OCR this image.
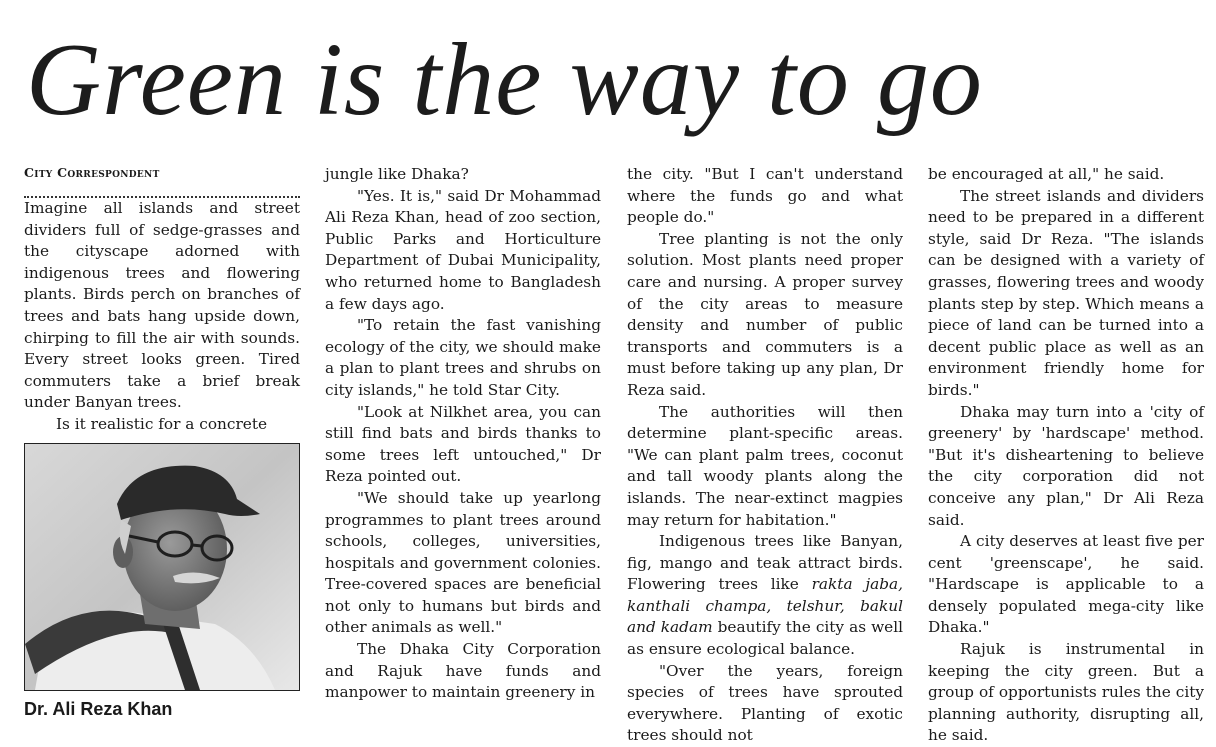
Green is the way to go
City Correspondent

Imagine all islands and street dividers full of sedge-grasses and the cityscape adorned with indigenous trees and flowering plants. Birds perch on branches of trees and bats hang upside down, chirping to fill the air with sounds. Every street looks green. Tired commuters take a brief break under Banyan trees.

Is it realistic for a concrete

Dr. Ali Reza Khan

jungle like Dhaka?

"Yes. It is," said Dr Mohammad Ali Reza Khan, head of zoo section, Public Parks and Horticulture Department of Dubai Municipality, who returned home to Bangladesh a few days ago.

"To retain the fast vanishing ecology of the city, we should make a plan to plant trees and shrubs on city islands," he told Star City.

"Look at Nilkhet area, you can still find bats and birds thanks to some trees left untouched," Dr Reza pointed out.

"We should take up yearlong programmes to plant trees around schools, colleges, universities, hospitals and government colonies. Tree-covered spaces are beneficial not only to humans but birds and other animals as well."

The Dhaka City Corporation and Rajuk have funds and manpower to maintain greenery in

the city. "But I can't understand where the funds go and what people do."

Tree planting is not the only solution. Most plants need proper care and nursing. A proper survey of the city areas to measure density and number of public transports and commuters is a must before taking up any plan, Dr Reza said.

The authorities will then determine plant-specific areas. "We can plant palm trees, coconut and tall woody plants along the islands. The near-extinct magpies may return for habitation."

Indigenous trees like Banyan, fig, mango and teak attract birds. Flowering trees like rakta jaba, kanthali champa, telshur, bakul and kadam beautify the city as well as ensure ecological balance.

"Over the years, foreign species of trees have sprouted everywhere. Planting of exotic trees should not

be encouraged at all," he said.

The street islands and dividers need to be prepared in a different style, said Dr Reza. "The islands can be designed with a variety of grasses, flowering trees and woody plants step by step. Which means a piece of land can be turned into a decent public place as well as an environment friendly home for birds."

Dhaka may turn into a 'city of greenery' by 'hardscape' method. "But it's disheartening to believe the city corporation did not conceive any plan," Dr Ali Reza said.

A city deserves at least five per cent 'greenscape', he said. "Hardscape is applicable to a densely populated mega-city like Dhaka."

Rajuk is instrumental in keeping the city green. But a group of opportunists rules the city planning authority, disrupting all, he said.
